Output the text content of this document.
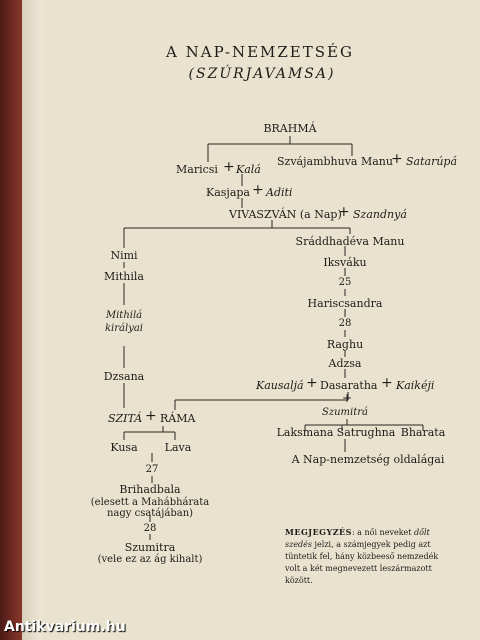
A NAP-NEMZETSÉG
(SZÚRJAVAMSA)
BRAHMÁ
Maricsi + Kalá
Szvájambhuva Manu
+ Satarúpá
Kasjapa + Aditi
VIVASZVÁN (a Nap)
+ Szandnyá
Nimi
Sráddhadéva Manu
Iksváku
Mithila	25
Hariscsandra
Mithilá
királyai	28
Raghu
Adzsa
Dzsana
Kausaljá + Dasaratha + Kaikéji
+
Szumitrá
SZITÁ + RÁMA
Laksmana Satrughna Bharata
Kusa Lava
A Nap-nemzetség oldalágai
27
Brihadbala
(elesett a Mahábhárata
nagy csatájában)
28
Szumitra
(vele ez az ág kihalt)
MEGJEGYZÉS: a női neveket dőlt szedés jelzi, a számjegyek pedig azt tüntetik fel, hány közbeeső nemzedék volt a két megnevezett leszármazott között.
Antikvarium.hu
